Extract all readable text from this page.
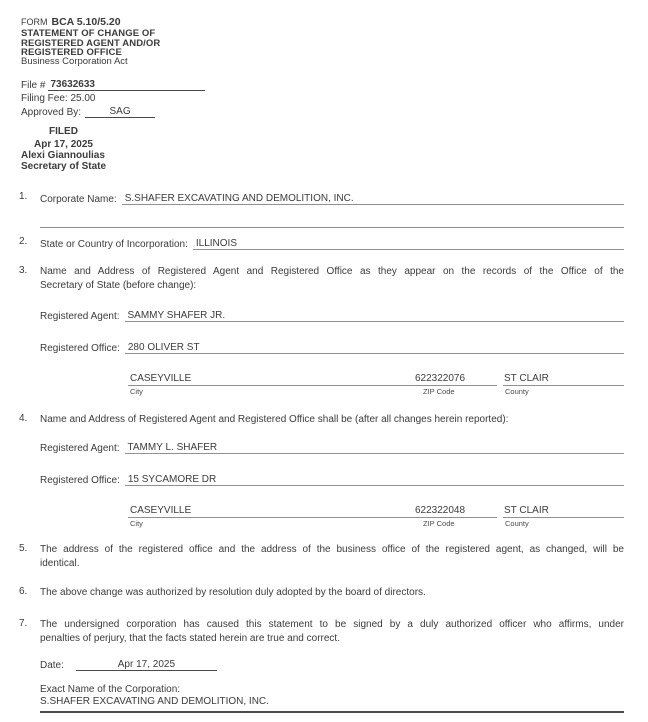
FORM BCA 5.10/5.20
STATEMENT OF CHANGE OF
REGISTERED AGENT AND/OR
REGISTERED OFFICE
Business Corporation Act
File # 73632633
Filing Fee: 25.00
Approved By:	SAG
FILED
Apr 17, 2025
Alexi Giannoulias
Secretary of State
1. Corporate Name: S.SHAFER EXCAVATING AND DEMOLITION, INC.
2. State or Country of Incorporation: ILLINOIS
3. Name and Address of Registered Agent and Registered Office as they appear on the records of the Office of the
Secretary of State (before change):
Registered Agent: SAMMY SHAFER JR.
Registered Office: 280 OLIVER ST
CASEYVILLE	622322076	ST CLAIR
City	ZIP Code	County
4. Name and Address of Registered Agent and Registered Office shall be (after all changes herein reported):
Registered Agent: TAMMY L. SHAFER
Registered Office: 15 SYCAMORE DR
CASEYVILLE	622322048	ST CLAIR
City	ZIP Code	County
5. The address of the registered office and the address of the business office of the registered agent, as changed, will be
identical.
6. The above change was authorized by resolution duly adopted by the board of directors.
7. The undersigned corporation has caused this statement to be signed by a duly authorized officer who affirms, under
penalties of perjury, that the facts stated herein are true and correct.
Date:	Apr 17, 2025
Exact Name of the Corporation:
S.SHAFER EXCAVATING AND DEMOLITION, INC.
